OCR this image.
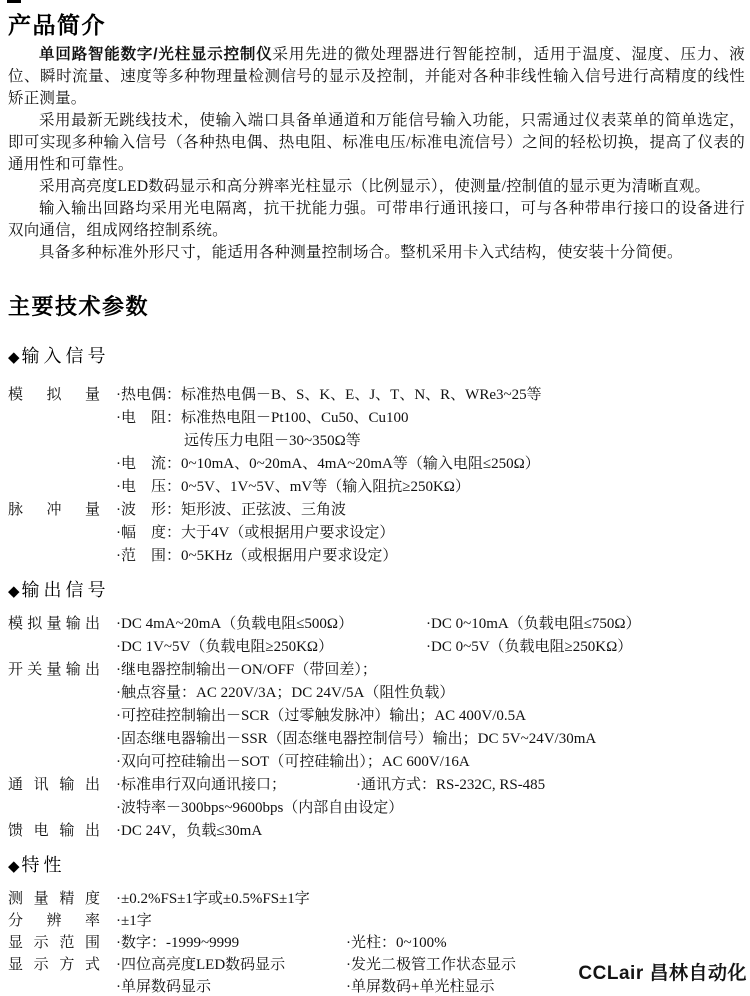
产品简介

单回路智能数字/光柱显示控制仪采用先进的微处理器进行智能控制，适用于温度、湿度、压力、液位、瞬时流量、速度等多种物理量检测信号的显示及控制，并能对各种非线性输入信号进行高精度的线性矫正测量。

采用最新无跳线技术，使输入端口具备单通道和万能信号输入功能，只需通过仪表菜单的简单选定，即可实现多种输入信号（各种热电偶、热电阻、标准电压/标准电流信号）之间的轻松切换，提高了仪表的通用性和可靠性。

采用高亮度LED数码显示和高分辨率光柱显示（比例显示），使测量/控制值的显示更为清晰直观。

输入输出回路均采用光电隔离，抗干扰能力强。可带串行通讯接口，可与各种带串行接口的设备进行双向通信，组成网络控制系统。

具备多种标准外形尺寸，能适用各种测量控制场合。整机采用卡入式结构，使安装十分简便。

主要技术参数
◆ 输入信号
模拟量 ·热电偶：标准热电偶－B、S、K、E、J、T、N、R、WRe3~25等
·电　阻：标准热电阻－Pt100、Cu50、Cu100
远传压力电阻－30~350Ω等
·电　流：0~10mA、0~20mA、4mA~20mA等（输入电阻≤250Ω）
·电　压：0~5V、1V~5V、mV等（输入阻抗≥250KΩ）
脉冲量 ·波　形：矩形波、正弦波、三角波
·幅　度：大于4V（或根据用户要求设定）
·范　围：0~5KHz（或根据用户要求设定）
◆ 输出信号
模拟量输出 ·DC 4mA~20mA（负载电阻≤500Ω）	·DC 0~10mA（负载电阻≤750Ω）
·DC 1V~5V（负载电阻≥250KΩ）	·DC 0~5V（负载电阻≥250KΩ）
开关量输出 ·继电器控制输出－ON/OFF（带回差）；
·触点容量：AC 220V/3A；DC 24V/5A（阻性负载）
·可控硅控制输出－SCR（过零触发脉冲）输出；AC 400V/0.5A
·固态继电器输出－SSR（固态继电器控制信号）输出；DC 5V~24V/30mA
·双向可控硅输出－SOT（可控硅输出）；AC 600V/16A
通讯输出 ·标准串行双向通讯接口；	·通讯方式：RS-232C, RS-485
·波特率－300bps~9600bps（内部自由设定）
馈电输出 ·DC 24V，负载≤30mA
◆ 特性
测量精度 ·±0.2%FS±1字或±0.5%FS±1字
分辨率 ·±1字
显示范围 ·数字：-1999~9999	·光柱：0~100%
显示方式 ·四位高亮度LED数码显示	·发光二极管工作状态显示
·单屏数码显示	·单屏数码+单光柱显示
CCLair 昌林自动化
